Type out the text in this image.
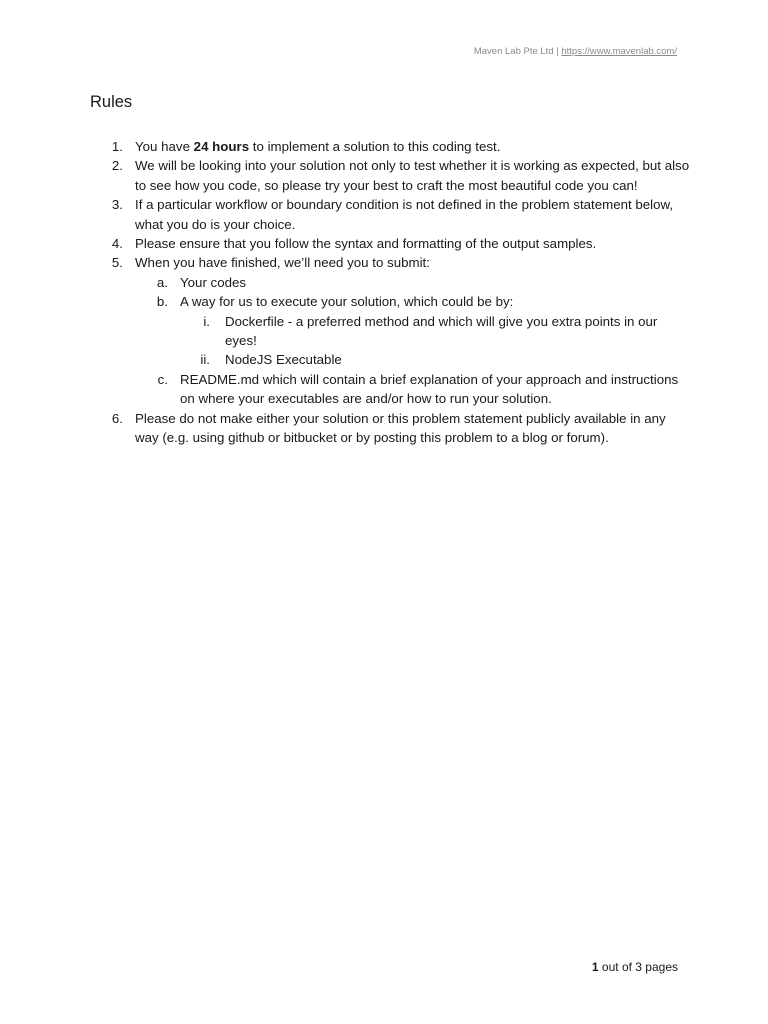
Maven Lab Pte Ltd | https://www.mavenlab.com/
Rules
1. You have 24 hours to implement a solution to this coding test.
2. We will be looking into your solution not only to test whether it is working as expected, but also to see how you code, so please try your best to craft the most beautiful code you can!
3. If a particular workflow or boundary condition is not defined in the problem statement below, what you do is your choice.
4. Please ensure that you follow the syntax and formatting of the output samples.
5. When you have finished, we’ll need you to submit:
a. Your codes
b. A way for us to execute your solution, which could be by:
i. Dockerfile - a preferred method and which will give you extra points in our eyes!
ii. NodeJS Executable
c. README.md which will contain a brief explanation of your approach and instructions on where your executables are and/or how to run your solution.
6. Please do not make either your solution or this problem statement publicly available in any way (e.g. using github or bitbucket or by posting this problem to a blog or forum).
1 out of 3 pages
